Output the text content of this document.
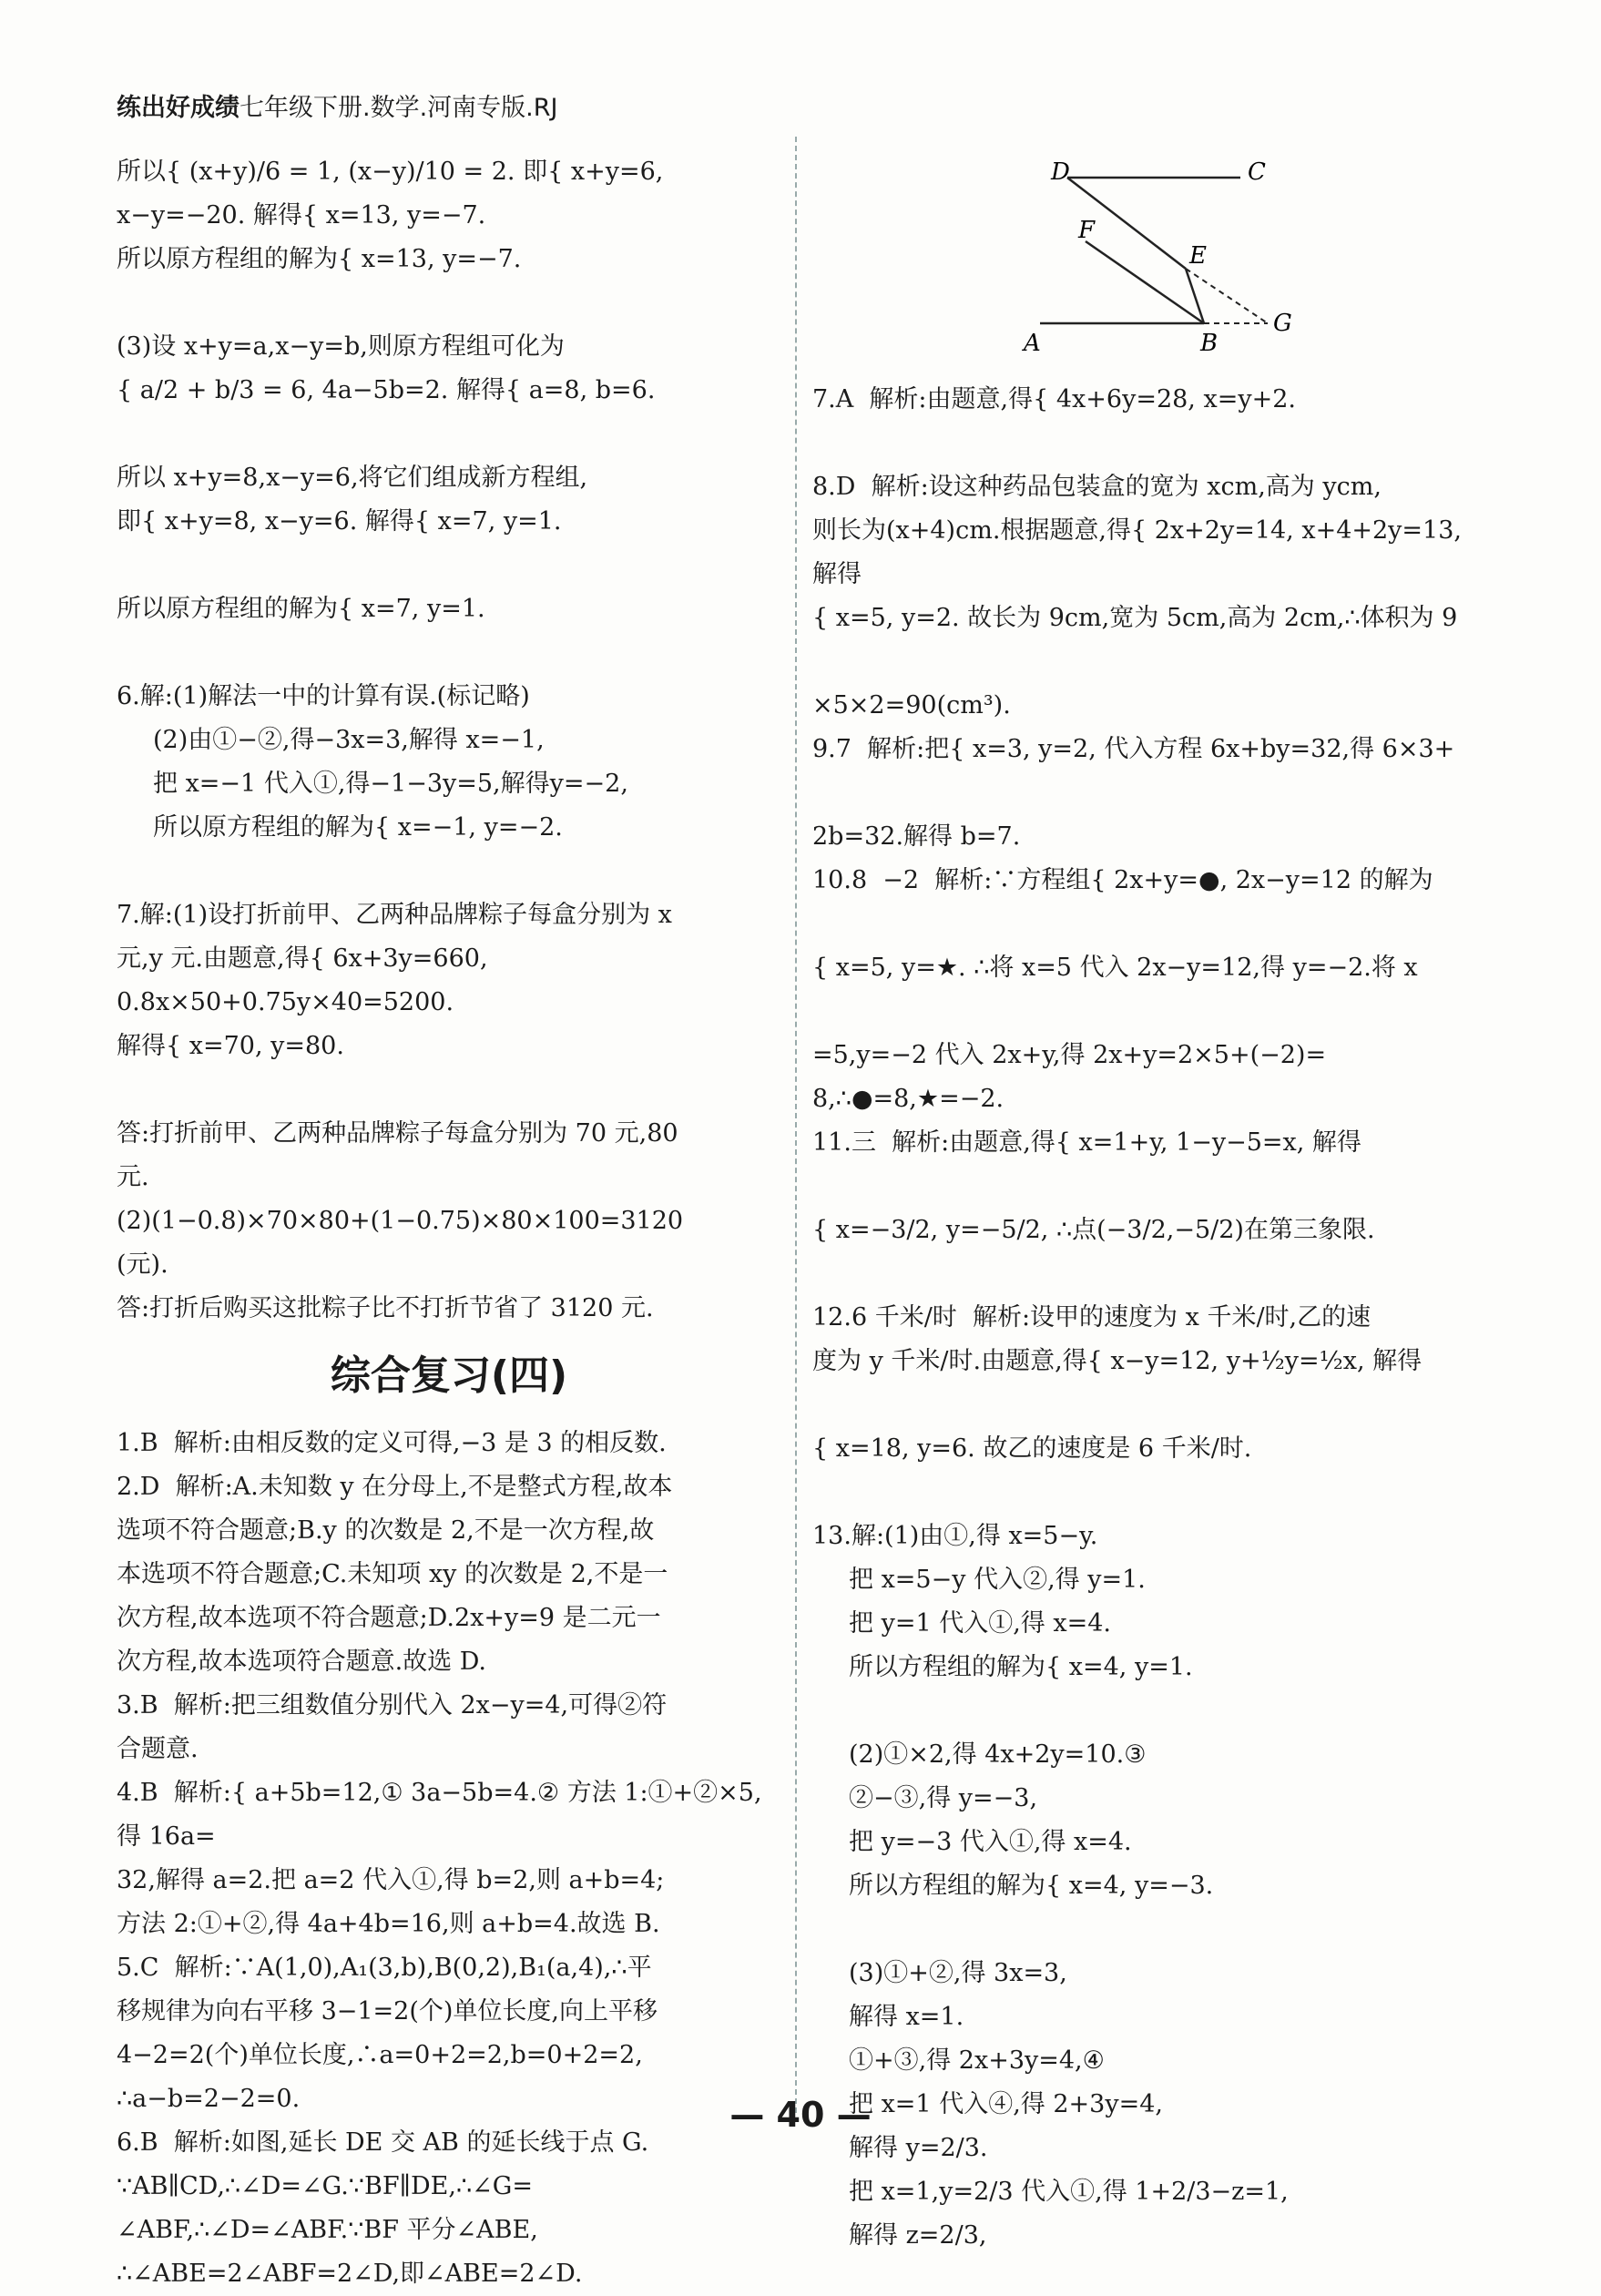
练出好成绩七年级下册.数学.河南专版.RJ
所以{ (x+y)/6 = 1, (x−y)/10 = 2. 即{ x+y=6, x−y=−20. 解得{ x=13, y=−7.
所以原方程组的解为{ x=13, y=−7.
(3)设 x+y=a,x−y=b,则原方程组可化为
{ a/2 + b/3 = 6, 4a−5b=2. 解得{ a=8, b=6.
所以 x+y=8,x−y=6,将它们组成新方程组,
即{ x+y=8, x−y=6. 解得{ x=7, y=1.
所以原方程组的解为{ x=7, y=1.
6.解:(1)解法一中的计算有误.(标记略)
(2)由①−②,得−3x=3,解得 x=−1,
把 x=−1 代入①,得−1−3y=5,解得y=−2,
所以原方程组的解为{ x=−1, y=−2.
7.解:(1)设打折前甲、乙两种品牌粽子每盒分别为 x
元,y 元.由题意,得{ 6x+3y=660, 0.8x×50+0.75y×40=5200.
解得{ x=70, y=80.
答:打折前甲、乙两种品牌粽子每盒分别为 70 元,80
元.
(2)(1−0.8)×70×80+(1−0.75)×80×100=3120
(元).
答:打折后购买这批粽子比不打折节省了 3120 元.
综合复习(四)
1.B  解析:由相反数的定义可得,−3 是 3 的相反数.
2.D  解析:A.未知数 y 在分母上,不是整式方程,故本
选项不符合题意;B.y 的次数是 2,不是一次方程,故
本选项不符合题意;C.未知项 xy 的次数是 2,不是一
次方程,故本选项不符合题意;D.2x+y=9 是二元一
次方程,故本选项符合题意.故选 D.
3.B  解析:把三组数值分别代入 2x−y=4,可得②符
合题意.
4.B  解析:{ a+5b=12,① 3a−5b=4.② 方法 1:①+②×5,得 16a=
32,解得 a=2.把 a=2 代入①,得 b=2,则 a+b=4;
方法 2:①+②,得 4a+4b=16,则 a+b=4.故选 B.
5.C  解析:∵A(1,0),A₁(3,b),B(0,2),B₁(a,4),∴平
移规律为向右平移 3−1=2(个)单位长度,向上平移
4−2=2(个)单位长度,∴a=0+2=2,b=0+2=2,
∴a−b=2−2=0.
6.B  解析:如图,延长 DE 交 AB 的延长线于点 G.
∵AB∥CD,∴∠D=∠G.∵BF∥DE,∴∠G=
∠ABF,∴∠D=∠ABF.∵BF 平分∠ABE,
∴∠ABE=2∠ABF=2∠D,即∠ABE=2∠D.
D	C
F
E
A	B
G
7.A  解析:由题意,得{ 4x+6y=28, x=y+2.
8.D  解析:设这种药品包装盒的宽为 xcm,高为 ycm,
则长为(x+4)cm.根据题意,得{ 2x+2y=14, x+4+2y=13, 解得
{ x=5, y=2. 故长为 9cm,宽为 5cm,高为 2cm,∴体积为 9
×5×2=90(cm³).
9.7  解析:把{ x=3, y=2, 代入方程 6x+by=32,得 6×3+
2b=32.解得 b=7.
10.8  −2  解析:∵方程组{ 2x+y=●, 2x−y=12 的解为
{ x=5, y=★. ∴将 x=5 代入 2x−y=12,得 y=−2.将 x
=5,y=−2 代入 2x+y,得 2x+y=2×5+(−2)=
8,∴●=8,★=−2.
11.三  解析:由题意,得{ x=1+y, 1−y−5=x, 解得
{ x=−3/2, y=−5/2, ∴点(−3/2,−5/2)在第三象限.
12.6 千米/时  解析:设甲的速度为 x 千米/时,乙的速
度为 y 千米/时.由题意,得{ x−y=12, y+½y=½x, 解得
{ x=18, y=6. 故乙的速度是 6 千米/时.
13.解:(1)由①,得 x=5−y.
把 x=5−y 代入②,得 y=1.
把 y=1 代入①,得 x=4.
所以方程组的解为{ x=4, y=1.
(2)①×2,得 4x+2y=10.③
②−③,得 y=−3,
把 y=−3 代入①,得 x=4.
所以方程组的解为{ x=4, y=−3.
(3)①+②,得 3x=3,
解得 x=1.
①+③,得 2x+3y=4,④
把 x=1 代入④,得 2+3y=4,
解得 y=2/3.
把 x=1,y=2/3 代入①,得 1+2/3−z=1,
解得 z=2/3,
— 40 —
